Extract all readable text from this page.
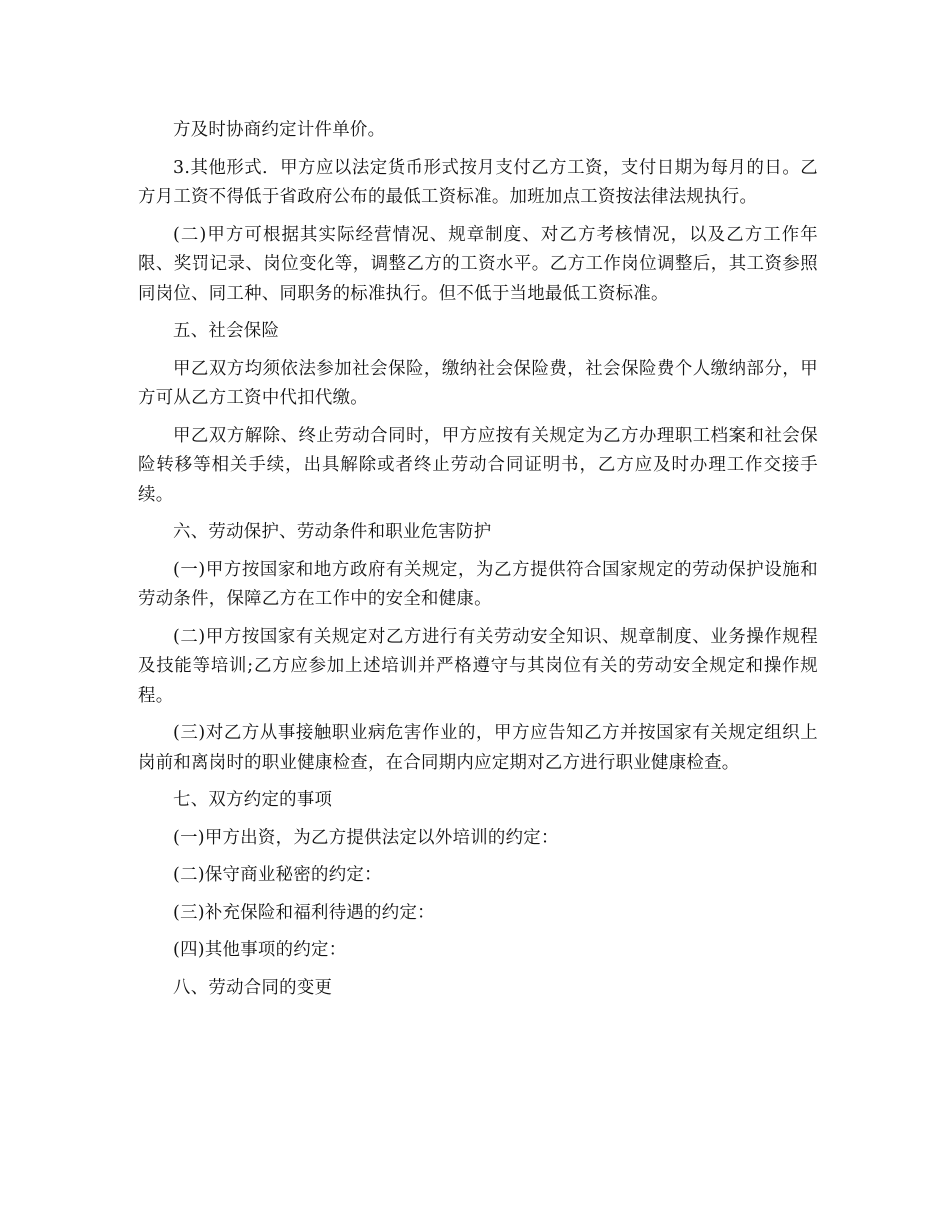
方及时协商约定计件单价。

3.其他形式．甲方应以法定货币形式按月支付乙方工资，支付日期为每月的日。乙方月工资不得低于省政府公布的最低工资标准。加班加点工资按法律法规执行。

(二)甲方可根据其实际经营情况、规章制度、对乙方考核情况，以及乙方工作年限、奖罚记录、岗位变化等，调整乙方的工资水平。乙方工作岗位调整后，其工资参照同岗位、同工种、同职务的标准执行。但不低于当地最低工资标准。

五、社会保险

甲乙双方均须依法参加社会保险，缴纳社会保险费，社会保险费个人缴纳部分，甲方可从乙方工资中代扣代缴。

甲乙双方解除、终止劳动合同时，甲方应按有关规定为乙方办理职工档案和社会保险转移等相关手续，出具解除或者终止劳动合同证明书，乙方应及时办理工作交接手续。

六、劳动保护、劳动条件和职业危害防护

(一)甲方按国家和地方政府有关规定，为乙方提供符合国家规定的劳动保护设施和劳动条件，保障乙方在工作中的安全和健康。

(二)甲方按国家有关规定对乙方进行有关劳动安全知识、规章制度、业务操作规程及技能等培训;乙方应参加上述培训并严格遵守与其岗位有关的劳动安全规定和操作规程。

(三)对乙方从事接触职业病危害作业的，甲方应告知乙方并按国家有关规定组织上岗前和离岗时的职业健康检查，在合同期内应定期对乙方进行职业健康检查。

七、双方约定的事项

(一)甲方出资，为乙方提供法定以外培训的约定：

(二)保守商业秘密的约定：

(三)补充保险和福利待遇的约定：

(四)其他事项的约定：

八、劳动合同的变更
